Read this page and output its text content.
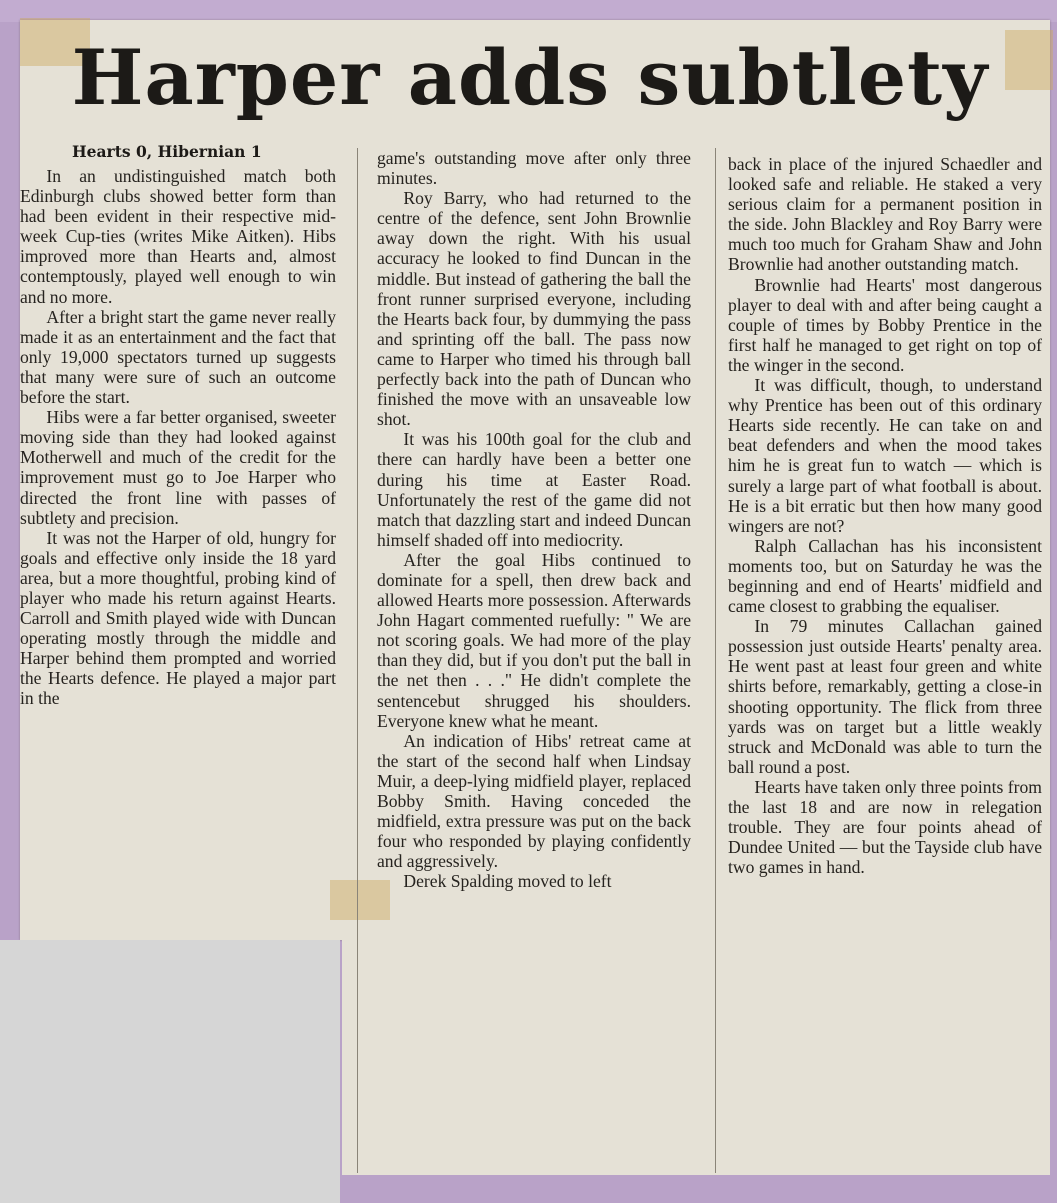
Harper adds subtlety
Hearts 0, Hibernian 1

In an undistinguished match both Edinburgh clubs showed better form than had been evident in their respective mid-week Cup-ties (writes Mike Aitken). Hibs improved more than Hearts and, almost contemptously, played well enough to win and no more.

After a bright start the game never really made it as an entertainment and the fact that only 19,000 spectators turned up suggests that many were sure of such an outcome before the start.

Hibs were a far better organised, sweeter moving side than they had looked against Motherwell and much of the credit for the improvement must go to Joe Harper who directed the front line with passes of subtlety and precision.

It was not the Harper of old, hungry for goals and effective only inside the 18 yard area, but a more thoughtful, probing kind of player who made his return against Hearts. Carroll and Smith played wide with Duncan operating mostly through the middle and Harper behind them prompted and worried the Hearts defence. He played a major part in the

game's outstanding move after only three minutes.

Roy Barry, who had returned to the centre of the defence, sent John Brownlie away down the right. With his usual accuracy he looked to find Duncan in the middle. But instead of gathering the ball the front runner surprised everyone, including the Hearts back four, by dummying the pass and sprinting off the ball. The pass now came to Harper who timed his through ball perfectly back into the path of Duncan who finished the move with an unsaveable low shot.

It was his 100th goal for the club and there can hardly have been a better one during his time at Easter Road. Unfortunately the rest of the game did not match that dazzling start and indeed Duncan himself shaded off into mediocrity.

After the goal Hibs continued to dominate for a spell, then drew back and allowed Hearts more possession. Afterwards John Hagart commented ruefully: " We are not scoring goals. We had more of the play than they did, but if you don't put the ball in the net then . . ." He didn't complete the sentencebut shrugged his shoulders. Everyone knew what he meant.

An indication of Hibs' retreat came at the start of the second half when Lindsay Muir, a deep-lying midfield player, replaced Bobby Smith. Having conceded the midfield, extra pressure was put on the back four who responded by playing confidently and aggressively.

Derek Spalding moved to left

back in place of the injured Schaedler and looked safe and reliable. He staked a very serious claim for a permanent position in the side. John Blackley and Roy Barry were much too much for Graham Shaw and John Brownlie had another outstanding match.

Brownlie had Hearts' most dangerous player to deal with and after being caught a couple of times by Bobby Prentice in the first half he managed to get right on top of the winger in the second.

It was difficult, though, to understand why Prentice has been out of this ordinary Hearts side recently. He can take on and beat defenders and when the mood takes him he is great fun to watch — which is surely a large part of what football is about. He is a bit erratic but then how many good wingers are not?

Ralph Callachan has his inconsistent moments too, but on Saturday he was the beginning and end of Hearts' midfield and came closest to grabbing the equaliser.

In 79 minutes Callachan gained possession just outside Hearts' penalty area. He went past at least four green and white shirts before, remarkably, getting a close-in shooting opportunity. The flick from three yards was on target but a little weakly struck and McDonald was able to turn the ball round a post.

Hearts have taken only three points from the last 18 and are now in relegation trouble. They are four points ahead of Dundee United — but the Tayside club have two games in hand.
